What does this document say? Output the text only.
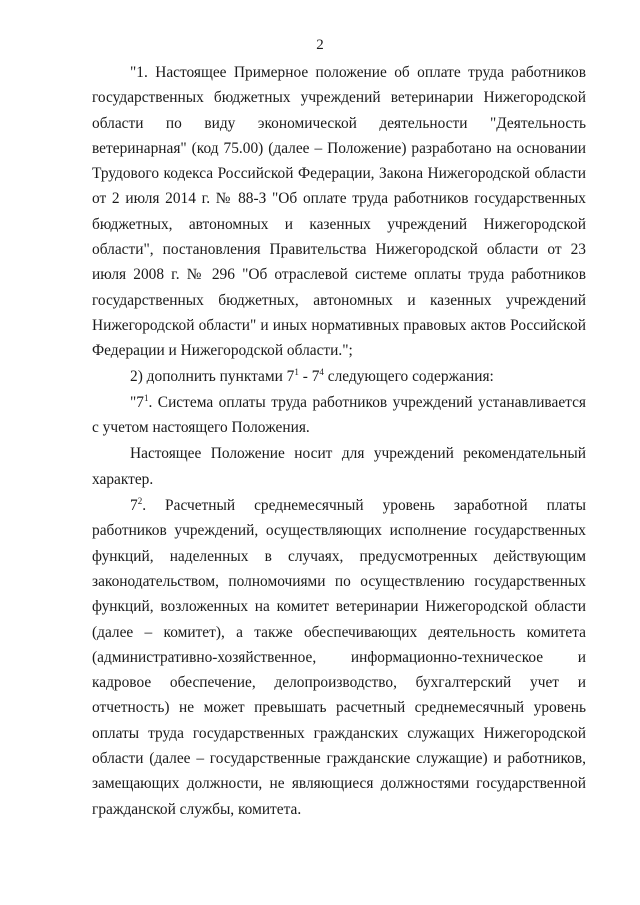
2

"1. Настоящее Примерное положение об оплате труда работников государственных бюджетных учреждений ветеринарии Нижегородской области по виду экономической деятельности "Деятельность ветеринарная" (код 75.00) (далее – Положение) разработано на основании Трудового кодекса Российской Федерации, Закона Нижегородской области от 2 июля 2014 г. № 88-З "Об оплате труда работников государственных бюджетных, автономных и казенных учреждений Нижегородской области", постановления Правительства Нижегородской области от 23 июля 2008 г. № 296 "Об отраслевой системе оплаты труда работников государственных бюджетных, автономных и казенных учреждений Нижегородской области" и иных нормативных правовых актов Российской Федерации и Нижегородской области.";

2) дополнить пунктами $7^1 - 7^4$ следующего содержания:

"$7^1$. Система оплаты труда работников учреждений устанавливается с учетом настоящего Положения.

Настоящее Положение носит для учреждений рекомендательный характер.

$7^2$. Расчетный среднемесячный уровень заработной платы работников учреждений, осуществляющих исполнение государственных функций, наделенных в случаях, предусмотренных действующим законодательством, полномочиями по осуществлению государственных функций, возложенных на комитет ветеринарии Нижегородской области (далее – комитет), а также обеспечивающих деятельность комитета (административно-хозяйственное, информационно-техническое и кадровое обеспечение, делопроизводство, бухгалтерский учет и отчетность) не может превышать расчетный среднемесячный уровень оплаты труда государственных гражданских служащих Нижегородской области (далее – государственные гражданские служащие) и работников, замещающих должности, не являющиеся должностями государственной гражданской службы, комитета.
